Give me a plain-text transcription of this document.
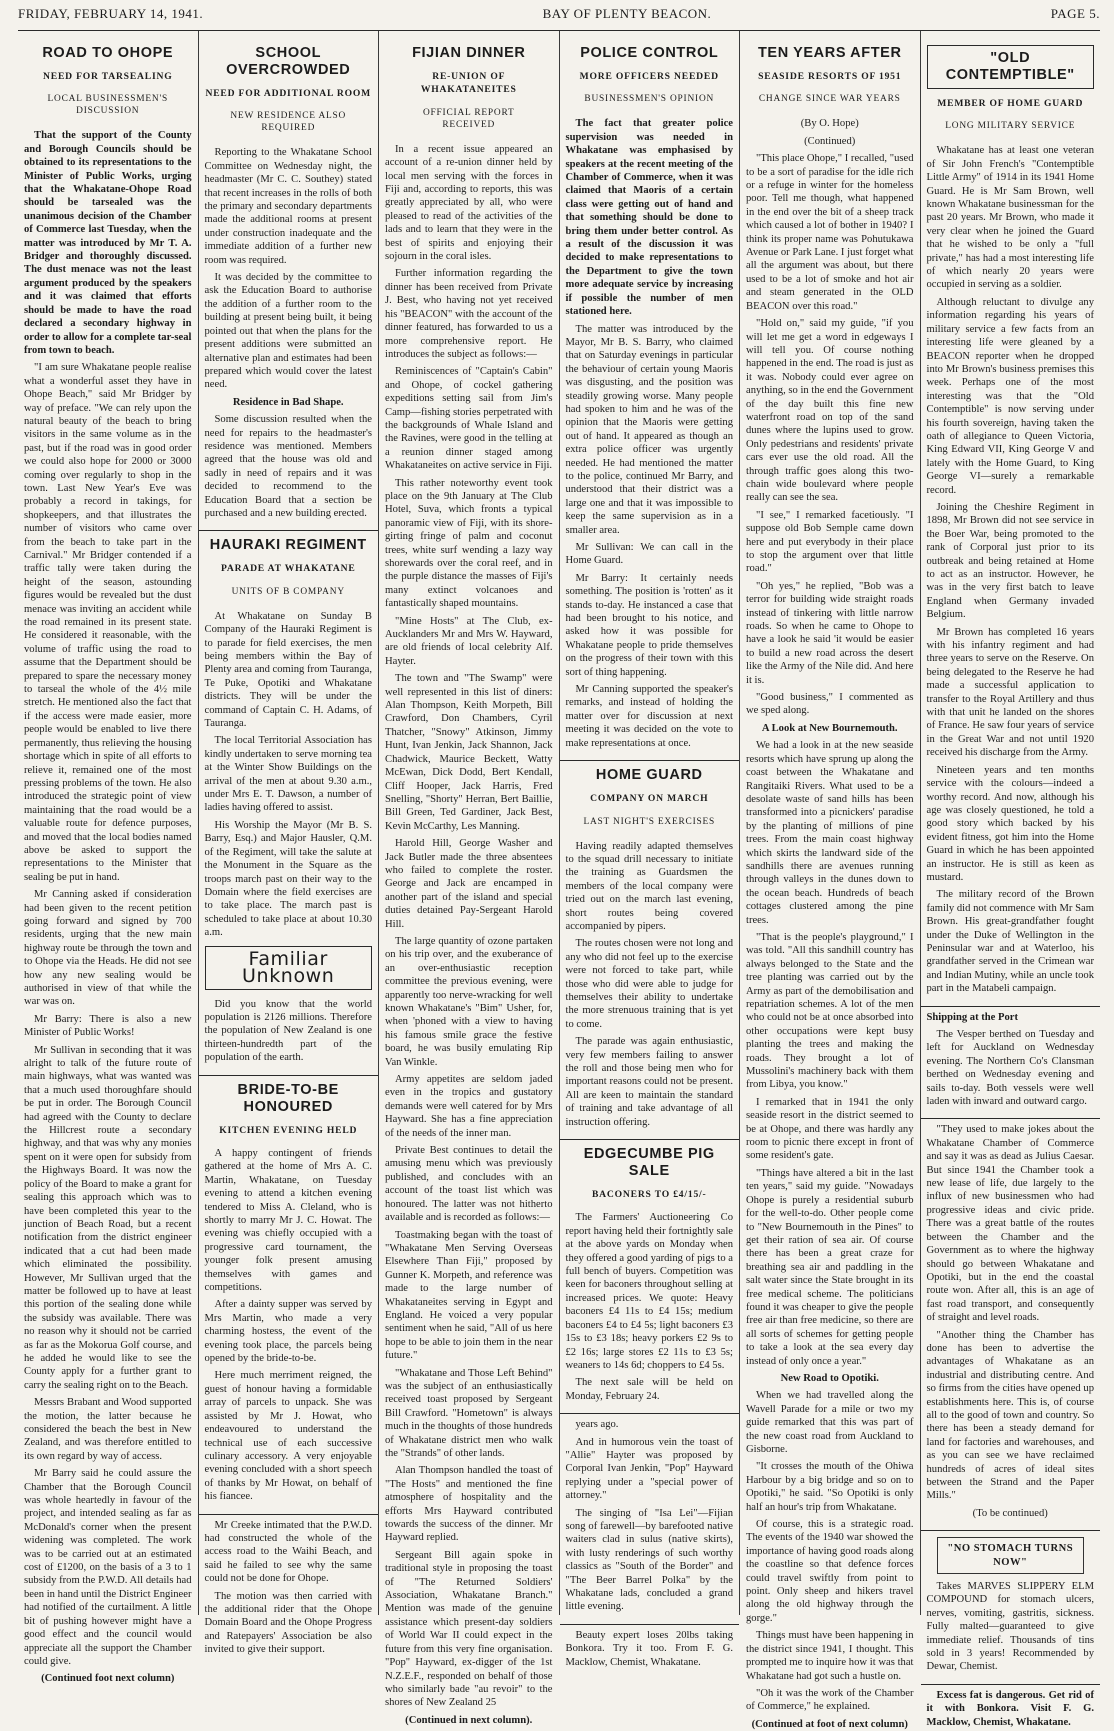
FRIDAY, FEBRUARY 14, 1941.	BAY OF PLENTY BEACON.	PAGE 5.
ROAD TO OHOPE
NEED FOR TARSEALING
LOCAL BUSINESSMEN'S DISCUSSION

That the support of the County and Borough Councils should be obtained to its representations to the Minister of Public Works, urging that the Whakatane-Ohope Road should be tarsealed was the unanimous decision of the Chamber of Commerce last Tuesday, when the matter was introduced by Mr T. A. Bridger and thoroughly discussed. The dust menace was not the least argument produced by the speakers and it was claimed that efforts should be made to have the road declared a secondary highway in order to allow for a complete tar-seal from town to beach.

"I am sure Whakatane people realise what a wonderful asset they have in Ohope Beach," said Mr Bridger by way of preface. "We can rely upon the natural beauty of the beach to bring visitors in the same volume as in the past, but if the road was in good order we could also hope for 2000 or 3000 coming over regularly to shop in the town. Last New Year's Eve was probably a record in takings, for shopkeepers, and that illustrates the number of visitors who came over from the beach to take part in the Carnival." Mr Bridger contended if a traffic tally were taken during the height of the season, astounding figures would be revealed but the dust menace was inviting an accident while the road remained in its present state. He considered it reasonable, with the volume of traffic using the road to assume that the Department should be prepared to spare the necessary money to tarseal the whole of the 4½ mile stretch. He mentioned also the fact that if the access were made easier, more people would be enabled to live there permanently, thus relieving the housing shortage which in spite of all efforts to relieve it, remained one of the most pressing problems of the town. He also introduced the strategic point of view maintaining that the road would be a valuable route for defence purposes, and moved that the local bodies named above be asked to support the representations to the Minister that sealing be put in hand.

Mr Canning asked if consideration had been given to the recent petition going forward and signed by 700 residents, urging that the new main highway route be through the town and to Ohope via the Heads. He did not see how any new sealing would be authorised in view of that while the war was on.

Mr Barry: There is also a new Minister of Public Works!

Mr Sullivan in seconding that it was alright to talk of the future route of main highways, what was wanted was that a much used thoroughfare should be put in order. The Borough Council had agreed with the County to declare the Hillcrest route a secondary highway, and that was why any monies spent on it were open for subsidy from the Highways Board. It was now the policy of the Board to make a grant for sealing this approach which was to have been completed this year to the junction of Beach Road, but a recent notification from the district engineer indicated that a cut had been made which eliminated the possibility. However, Mr Sullivan urged that the matter be followed up to have at least this portion of the sealing done while the subsidy was available. There was no reason why it should not be carried as far as the Mokorua Golf course, and he added he would like to see the County apply for a further grant to carry the sealing right on to the Beach.

Messrs Brabant and Wood supported the motion, the latter because he considered the beach the best in New Zealand, and was therefore entitled to its own regard by way of access.

Mr Barry said he could assure the Chamber that the Borough Council was whole heartedly in favour of the project, and intended sealing as far as McDonald's corner when the present widening was completed. The work was to be carried out at an estimated cost of £1200, on the basis of a 3 to 1 subsidy from the P.W.D. All details had been in hand until the District Engineer had notified of the curtailment. A little bit of pushing however might have a good effect and the council would appreciate all the support the Chamber could give.

(Continued foot next column)

SCHOOL OVERCROWDED
NEED FOR ADDITIONAL ROOM
NEW RESIDENCE ALSO REQUIRED

Reporting to the Whakatane School Committee on Wednesday night, the headmaster (Mr C. C. Southey) stated that recent increases in the rolls of both the primary and secondary departments made the additional rooms at present under construction inadequate and the immediate addition of a further new room was required.

It was decided by the committee to ask the Education Board to authorise the addition of a further room to the building at present being built, it being pointed out that when the plans for the present additions were submitted an alternative plan and estimates had been prepared which would cover the latest need.

Residence in Bad Shape.

Some discussion resulted when the need for repairs to the headmaster's residence was mentioned. Members agreed that the house was old and sadly in need of repairs and it was decided to recommend to the Education Board that a section be purchased and a new building erected.

HAURAKI REGIMENT
PARADE AT WHAKATANE
UNITS OF B COMPANY

At Whakatane on Sunday B Company of the Hauraki Regiment is to parade for field exercises, the men being members within the Bay of Plenty area and coming from Tauranga, Te Puke, Opotiki and Whakatane districts. They will be under the command of Captain C. H. Adams, of Tauranga.

The local Territorial Association has kindly undertaken to serve morning tea at the Winter Show Buildings on the arrival of the men at about 9.30 a.m., under Mrs E. T. Dawson, a number of ladies having offered to assist.

His Worship the Mayor (Mr B. S. Barry, Esq.) and Major Hausler, Q.M. of the Regiment, will take the salute at the Monument in the Square as the troops march past on their way to the Domain where the field exercises are to take place. The march past is scheduled to take place at about 10.30 a.m.

Familiar Unknown

Did you know that the world population is 2126 millions. Therefore the population of New Zealand is one thirteen-hundredth part of the population of the earth.

BRIDE-TO-BE HONOURED
KITCHEN EVENING HELD

A happy contingent of friends gathered at the home of Mrs A. C. Martin, Whakatane, on Tuesday evening to attend a kitchen evening tendered to Miss A. Cleland, who is shortly to marry Mr J. C. Howat. The evening was chiefly occupied with a progressive card tournament, the younger folk present amusing themselves with games and competitions.

After a dainty supper was served by Mrs Martin, who made a very charming hostess, the event of the evening took place, the parcels being opened by the bride-to-be.

Here much merriment reigned, the guest of honour having a formidable array of parcels to unpack. She was assisted by Mr J. Howat, who endeavoured to understand the technical use of each successive culinary accessory. A very enjoyable evening concluded with a short speech of thanks by Mr Howat, on behalf of his fiancee.

Mr Creeke intimated that the P.W.D. had constructed the whole of the access road to the Waihi Beach, and said he failed to see why the same could not be done for Ohope.

The motion was then carried with the additional rider that the Ohope Domain Board and the Ohope Progress and Ratepayers' Association be also invited to give their support.

FIJIAN DINNER
RE-UNION OF WHAKATANEITES
OFFICIAL REPORT RECEIVED

In a recent issue appeared an account of a re-union dinner held by local men serving with the forces in Fiji and, according to reports, this was greatly appreciated by all, who were pleased to read of the activities of the lads and to learn that they were in the best of spirits and enjoying their sojourn in the coral isles.

Further information regarding the dinner has been received from Private J. Best, who having not yet received his "BEACON" with the account of the dinner featured, has forwarded to us a more comprehensive report. He introduces the subject as follows:—

Reminiscences of "Captain's Cabin" and Ohope, of cockel gathering expeditions setting sail from Jim's Camp—fishing stories perpetrated with the backgrounds of Whale Island and the Ravines, were good in the telling at a reunion dinner staged among Whakataneites on active service in Fiji.

This rather noteworthy event took place on the 9th January at The Club Hotel, Suva, which fronts a typical panoramic view of Fiji, with its shore-girting fringe of palm and coconut trees, white surf wending a lazy way shorewards over the coral reef, and in the purple distance the masses of Fiji's many extinct volcanoes and fantastically shaped mountains.

"Mine Hosts" at The Club, ex-Aucklanders Mr and Mrs W. Hayward, are old friends of local celebrity Alf. Hayter.

The town and "The Swamp" were well represented in this list of diners: Alan Thompson, Keith Morpeth, Bill Crawford, Don Chambers, Cyril Thatcher, "Snowy" Atkinson, Jimmy Hunt, Ivan Jenkin, Jack Shannon, Jack Chadwick, Maurice Beckett, Watty McEwan, Dick Dodd, Bert Kendall, Cliff Hooper, Jack Harris, Fred Snelling, "Shorty" Herran, Bert Baillie, Bill Green, Ted Gardiner, Jack Best, Kevin McCarthy, Les Manning.

Harold Hill, George Washer and Jack Butler made the three absentees who failed to complete the roster. George and Jack are encamped in another part of the island and special duties detained Pay-Sergeant Harold Hill.

The large quantity of ozone partaken on his trip over, and the exuberance of an over-enthusiastic reception committee the previous evening, were apparently too nerve-wracking for well known Whakatane's "Bim" Usher, for, when 'phoned with a view to having his famous smile grace the festive board, he was busily emulating Rip Van Winkle.

Army appetites are seldom jaded even in the tropics and gustatory demands were well catered for by Mrs Hayward. She has a fine appreciation of the needs of the inner man.

Private Best continues to detail the amusing menu which was previously published, and concludes with an account of the toast list which was honoured. The latter was not hitherto available and is recorded as follows:—

Toastmaking began with the toast of "Whakatane Men Serving Overseas Elsewhere Than Fiji," proposed by Gunner K. Morpeth, and reference was made to the large number of Whakataneites serving in Egypt and England. He voiced a very popular sentiment when he said, "All of us here hope to be able to join them in the near future."

"Whakatane and Those Left Behind" was the subject of an enthusiastically received toast proposed by Sergeant Bill Crawford. "Hometown" is always much in the thoughts of those hundreds of Whakatane district men who walk the "Strands" of other lands.

Alan Thompson handled the toast of "The Hosts" and mentioned the fine atmosphere of hospitality and the efforts Mrs Hayward contributed towards the success of the dinner. Mr Hayward replied.

Sergeant Bill again spoke in traditional style in proposing the toast of "The Returned Soldiers' Association, Whakatane Branch." Mention was made of the genuine assistance which present-day soldiers of World War II could expect in the future from this very fine organisation. "Pop" Hayward, ex-digger of the 1st N.Z.E.F., responded on behalf of those who similarly bade "au revoir" to the shores of New Zealand 25

(Continued in next column).

POLICE CONTROL
MORE OFFICERS NEEDED
BUSINESSMEN'S OPINION

The fact that greater police supervision was needed in Whakatane was emphasised by speakers at the recent meeting of the Chamber of Commerce, when it was claimed that Maoris of a certain class were getting out of hand and that something should be done to bring them under better control. As a result of the discussion it was decided to make representations to the Department to give the town more adequate service by increasing if possible the number of men stationed here.

The matter was introduced by the Mayor, Mr B. S. Barry, who claimed that on Saturday evenings in particular the behaviour of certain young Maoris was disgusting, and the position was steadily growing worse. Many people had spoken to him and he was of the opinion that the Maoris were getting out of hand. It appeared as though an extra police officer was urgently needed. He had mentioned the matter to the police, continued Mr Barry, and understood that their district was a large one and that it was impossible to keep the same supervision as in a smaller area.

Mr Sullivan: We can call in the Home Guard.

Mr Barry: It certainly needs something. The position is 'rotten' as it stands to-day. He instanced a case that had been brought to his notice, and asked how it was possible for Whakatane people to pride themselves on the progress of their town with this sort of thing happening.

Mr Canning supported the speaker's remarks, and instead of holding the matter over for discussion at next meeting it was decided on the vote to make representations at once.

HOME GUARD
COMPANY ON MARCH
LAST NIGHT'S EXERCISES

Having readily adapted themselves to the squad drill necessary to initiate the training as Guardsmen the members of the local company were tried out on the march last evening, short routes being covered accompanied by pipers.

The routes chosen were not long and any who did not feel up to the exercise were not forced to take part, while those who did were able to judge for themselves their ability to undertake the more strenuous training that is yet to come.

The parade was again enthusiastic, very few members failing to answer the roll and those being men who for important reasons could not be present. All are keen to maintain the standard of training and take advantage of all instruction offering.

EDGECUMBE PIG SALE
BACONERS TO £4/15/-

The Farmers' Auctioneering Co report having held their fortnightly sale at the above yards on Monday when they offered a good yarding of pigs to a full bench of buyers. Competition was keen for baconers throughout selling at increased prices. We quote: Heavy baconers £4 11s to £4 15s; medium baconers £4 to £4 5s; light baconers £3 15s to £3 18s; heavy porkers £2 9s to £2 16s; large stores £2 11s to £3 5s; weaners to 14s 6d; choppers to £4 5s.

The next sale will be held on Monday, February 24.

years ago.

And in humorous vein the toast of "Allie" Hayter was proposed by Corporal Ivan Jenkin, "Pop" Hayward replying under a "special power of attorney."

The singing of "Isa Lei"—Fijian song of farewell—by barefooted native waiters clad in sulus (native skirts), with lusty renderings of such worthy classics as "South of the Border" and "The Beer Barrel Polka" by the Whakatane lads, concluded a grand little evening.

Beauty expert loses 20lbs taking Bonkora. Try it too. From F. G. Macklow, Chemist, Whakatane.

TEN YEARS AFTER
SEASIDE RESORTS OF 1951
CHANGE SINCE WAR YEARS

(By O. Hope)

(Continued)

"This place Ohope," I recalled, "used to be a sort of paradise for the idle rich or a refuge in winter for the homeless poor. Tell me though, what happened in the end over the bit of a sheep track which caused a lot of bother in 1940? I think its proper name was Pohutukawa Avenue or Park Lane. I just forget what all the argument was about, but there used to be a lot of smoke and hot air and steam generated in the OLD BEACON over this road."

"Hold on," said my guide, "if you will let me get a word in edgeways I will tell you. Of course nothing happened in the end. The road is just as it was. Nobody could ever agree on anything, so in the end the Government of the day built this fine new waterfront road on top of the sand dunes where the lupins used to grow. Only pedestrians and residents' private cars ever use the old road. All the through traffic goes along this two-chain wide boulevard where people really can see the sea.

"I see," I remarked facetiously. "I suppose old Bob Semple came down here and put everybody in their place to stop the argument over that little road."

"Oh yes," he replied, "Bob was a terror for building wide straight roads instead of tinkering with little narrow roads. So when he came to Ohope to have a look he said 'it would be easier to build a new road across the desert like the Army of the Nile did. And here it is.

"Good business," I commented as we sped along.

A Look at New Bournemouth.

We had a look in at the new seaside resorts which have sprung up along the coast between the Whakatane and Rangitaiki Rivers. What used to be a desolate waste of sand hills has been transformed into a picnickers' paradise by the planting of millions of pine trees. From the main coast highway which skirts the landward side of the sandhills there are avenues running through valleys in the dunes down to the ocean beach. Hundreds of beach cottages clustered among the pine trees.

"That is the people's playground," I was told. "All this sandhill country has always belonged to the State and the tree planting was carried out by the Army as part of the demobilisation and repatriation schemes. A lot of the men who could not be at once absorbed into other occupations were kept busy planting the trees and making the roads. They brought a lot of Mussolini's machinery back with them from Libya, you know."

I remarked that in 1941 the only seaside resort in the district seemed to be at Ohope, and there was hardly any room to picnic there except in front of some resident's gate.

"Things have altered a bit in the last ten years," said my guide. "Nowadays Ohope is purely a residential suburb for the well-to-do. Other people come to "New Bournemouth in the Pines" to get their ration of sea air. Of course there has been a great craze for breathing sea air and paddling in the salt water since the State brought in its free medical scheme. The politicians found it was cheaper to give the people free air than free medicine, so there are all sorts of schemes for getting people to take a look at the sea every day instead of only once a year."

New Road to Opotiki.

When we had travelled along the Wavell Parade for a mile or two my guide remarked that this was part of the new coast road from Auckland to Gisborne.

"It crosses the mouth of the Ohiwa Harbour by a big bridge and so on to Opotiki," he said. "So Opotiki is only half an hour's trip from Whakatane.

Of course, this is a strategic road. The events of the 1940 war showed the importance of having good roads along the coastline so that defence forces could travel swiftly from point to point. Only sheep and hikers travel along the old highway through the gorge."

Things must have been happening in the district since 1941, I thought. This prompted me to inquire how it was that Whakatane had got such a hustle on.

"Oh it was the work of the Chamber of Commerce," he explained.

(Continued at foot of next column)

"OLD CONTEMPTIBLE"
MEMBER OF HOME GUARD
LONG MILITARY SERVICE

Whakatane has at least one veteran of Sir John French's "Contemptible Little Army" of 1914 in its 1941 Home Guard. He is Mr Sam Brown, well known Whakatane businessman for the past 20 years. Mr Brown, who made it very clear when he joined the Guard that he wished to be only a "full private," has had a most interesting life of which nearly 20 years were occupied in serving as a soldier.

Although reluctant to divulge any information regarding his years of military service a few facts from an interesting life were gleaned by a BEACON reporter when he dropped into Mr Brown's business premises this week. Perhaps one of the most interesting was that the "Old Contemptible" is now serving under his fourth sovereign, having taken the oath of allegiance to Queen Victoria, King Edward VII, King George V and lately with the Home Guard, to King George VI—surely a remarkable record.

Joining the Cheshire Regiment in 1898, Mr Brown did not see service in the Boer War, being promoted to the rank of Corporal just prior to its outbreak and being retained at Home to act as an instructor. However, he was in the very first batch to leave England when Germany invaded Belgium.

Mr Brown has completed 16 years with his infantry regiment and had three years to serve on the Reserve. On being delegated to the Reserve he had made a successful application to transfer to the Royal Artillery and thus with that unit he landed on the shores of France. He saw four years of service in the Great War and not until 1920 received his discharge from the Army.

Nineteen years and ten months service with the colours—indeed a worthy record. And now, although his age was closely questioned, he told a good story which backed by his evident fitness, got him into the Home Guard in which he has been appointed an instructor. He is still as keen as mustard.

The military record of the Brown family did not commence with Mr Sam Brown. His great-grandfather fought under the Duke of Wellington in the Peninsular war and at Waterloo, his grandfather served in the Crimean war and Indian Mutiny, while an uncle took part in the Matabeli campaign.

Shipping at the Port

The Vesper berthed on Tuesday and left for Auckland on Wednesday evening. The Northern Co's Clansman berthed on Wednesday evening and sails to-day. Both vessels were well laden with inward and outward cargo.

"They used to make jokes about the Whakatane Chamber of Commerce and say it was as dead as Julius Caesar. But since 1941 the Chamber took a new lease of life, due largely to the influx of new businessmen who had progressive ideas and civic pride. There was a great battle of the routes between the Chamber and the Government as to where the highway should go between Whakatane and Opotiki, but in the end the coastal route won. After all, this is an age of fast road transport, and consequently of straight and level roads.

"Another thing the Chamber has done has been to advertise the advantages of Whakatane as an industrial and distributing centre. And so firms from the cities have opened up establishments here. This is, of course all to the good of town and country. So there has been a steady demand for land for factories and warehouses, and as you can see we have reclaimed hundreds of acres of ideal sites between the Strand and the Paper Mills."

(To be continued)

"NO STOMACH TURNS NOW"

Takes MARVES SLIPPERY ELM COMPOUND for stomach ulcers, nerves, vomiting, gastritis, sickness. Fully malted—guaranteed to give immediate relief. Thousands of tins sold in 3 years! Recommended by Dewar, Chemist.

Excess fat is dangerous. Get rid of it with Bonkora. Visit F. G. Macklow, Chemist, Whakatane.
